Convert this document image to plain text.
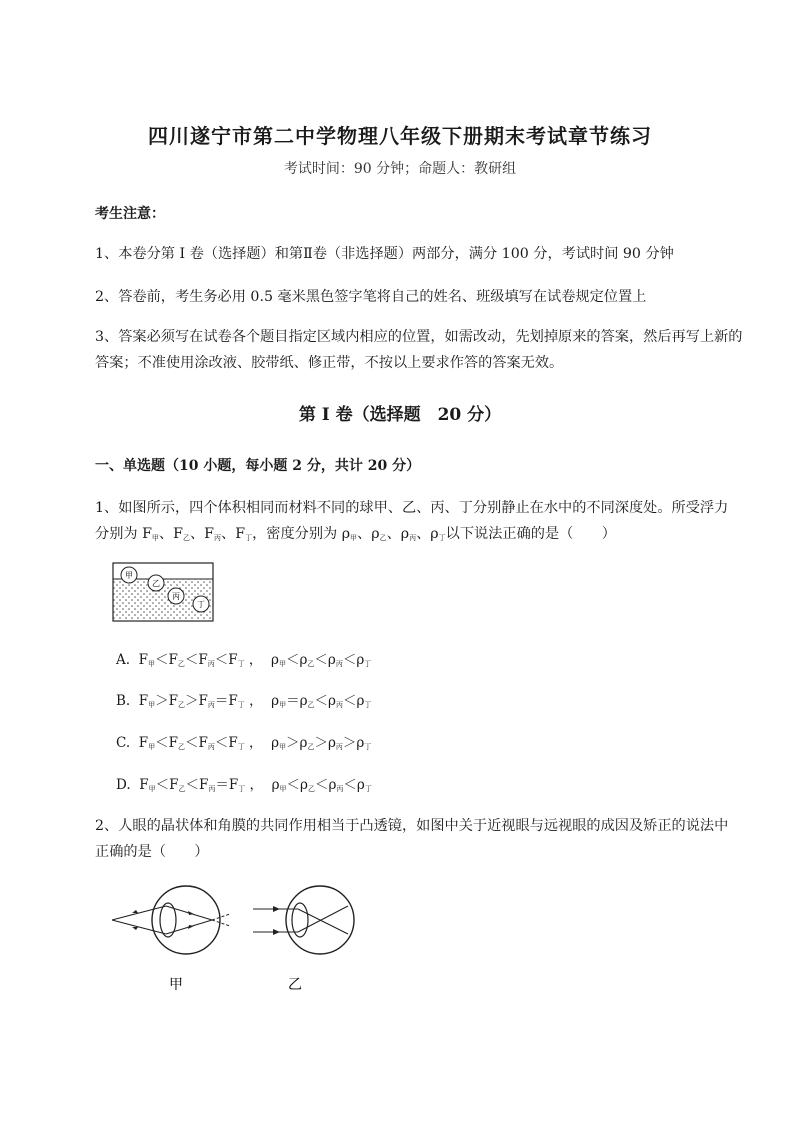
四川遂宁市第二中学物理八年级下册期末考试章节练习
考试时间：90 分钟；命题人：教研组
考生注意：
1、本卷分第 I 卷（选择题）和第Ⅱ卷（非选择题）两部分，满分 100 分，考试时间 90 分钟
2、答卷前，考生务必用 0.5 毫米黑色签字笔将自己的姓名、班级填写在试卷规定位置上
3、答案必须写在试卷各个题目指定区域内相应的位置，如需改动，先划掉原来的答案，然后再写上新的答案；不准使用涂改液、胶带纸、修正带，不按以上要求作答的答案无效。
第 I 卷（选择题　20 分）
一、单选题（10 小题，每小题 2 分，共计 20 分）
1、如图所示，四个体积相同而材料不同的球甲、乙、丙、丁分别静止在水中的不同深度处。所受浮力
分别为 $F_甲$、$F_乙$、$F_丙$、$F_丁$，密度分别为 $\rho_甲$、$\rho_乙$、$\rho_丙$、$\rho_丁$以下说法正确的是（　　）
甲
乙
丙
丁
A.  $F_甲<F_乙<F_丙<F_丁$ ，  $\rho_甲<\rho_乙<\rho_丙<\rho_丁$
B.  $F_甲>F_乙>F_丙=F_丁$ ，  $\rho_甲=\rho_乙<\rho_丙<\rho_丁$
C.  $F_甲<F_乙<F_丙<F_丁$ ，  $\rho_甲>\rho_乙>\rho_丙>\rho_丁$
D.  $F_甲<F_乙<F_丙=F_丁$ ，  $\rho_甲<\rho_乙<\rho_丙<\rho_丁$
2、人眼的晶状体和角膜的共同作用相当于凸透镜，如图中关于近视眼与远视眼的成因及矫正的说法中
正确的是（　　）
甲	乙
